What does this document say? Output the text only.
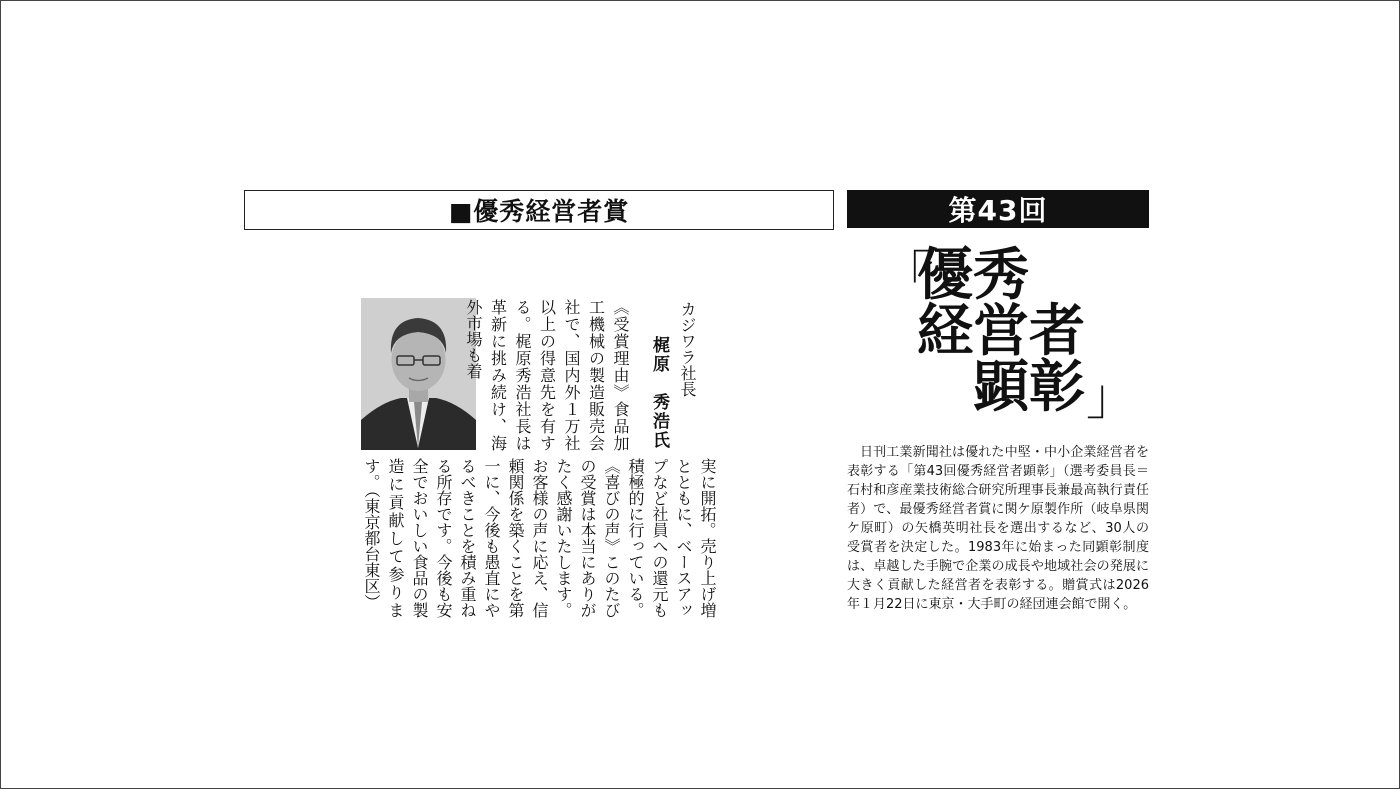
■優秀経営者賞	第43回
「
優秀
経営者
顕彰 」

日刊工業新聞社は優れた中堅・中小企業経営者を表彰する「第43回優秀経営者顕彰」（選考委員長＝石村和彦産業技術総合研究所理事長兼最高執行責任者）で、最優秀経営者賞に関ケ原製作所（岐阜県関ケ原町）の矢橋英明社長を選出するなど、30人の受賞者を決定した。1983年に始まった同顕彰制度は、卓越した手腕で企業の成長や地域社会の発展に大きく貢献した経営者を表彰する。贈賞式は2026年１月22日に東京・大手町の経団連会館で開く。

カジワラ社長
梶原　秀浩氏
《受賞理由》食品加工機械の製造販売会社で、国内外１万社以上の得意先を有する。梶原秀浩社長は革新に挑み続け、海外市場も着
実に開拓。売り上げ増とともに、ベースアップなど社員への還元も積極的に行っている。《喜びの声》このたびの受賞は本当にありがたく感謝いたします。お客様の声に応え、信頼関係を築くことを第一に、今後も愚直にやるべきことを積み重ねる所存です。今後も安全でおいしい食品の製造に貢献して参ります。（東京都台東区）
